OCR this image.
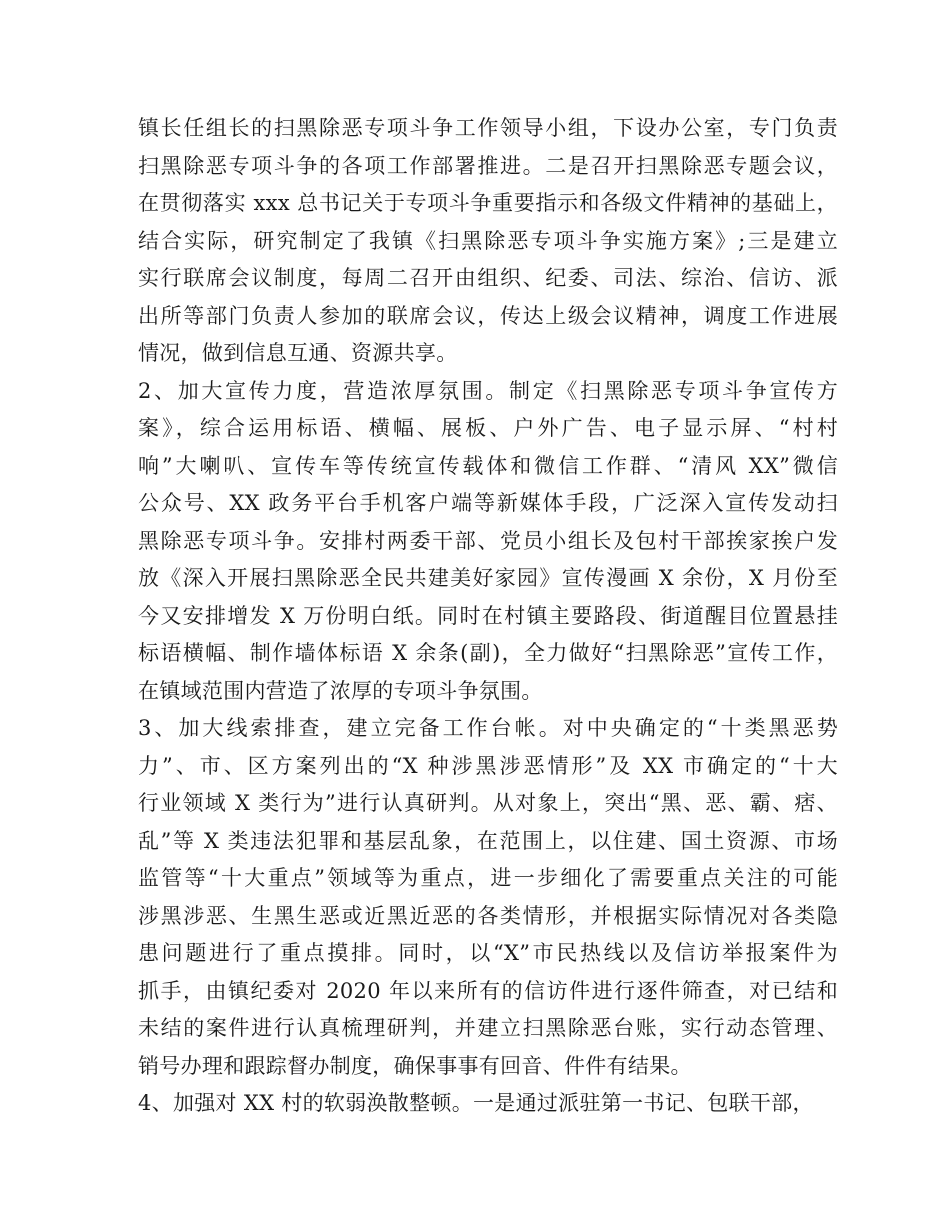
镇长任组长的扫黑除恶专项斗争工作领导小组，下设办公室，专门负责
扫黑除恶专项斗争的各项工作部署推进。二是召开扫黑除恶专题会议，
在贯彻落实 xxx 总书记关于专项斗争重要指示和各级文件精神的基础上，
结合实际，研究制定了我镇《扫黑除恶专项斗争实施方案》;三是建立
实行联席会议制度，每周二召开由组织、纪委、司法、综治、信访、派
出所等部门负责人参加的联席会议，传达上级会议精神，调度工作进展
情况，做到信息互通、资源共享。
2、加大宣传力度，营造浓厚氛围。制定《扫黑除恶专项斗争宣传方
案》，综合运用标语、横幅、展板、户外广告、电子显示屏、“村村
响”大喇叭、宣传车等传统宣传载体和微信工作群、“清风 XX”微信
公众号、XX 政务平台手机客户端等新媒体手段，广泛深入宣传发动扫
黑除恶专项斗争。安排村两委干部、党员小组长及包村干部挨家挨户发
放《深入开展扫黑除恶全民共建美好家园》宣传漫画 X 余份，X 月份至
今又安排增发 X 万份明白纸。同时在村镇主要路段、街道醒目位置悬挂
标语横幅、制作墙体标语 X 余条(副)，全力做好“扫黑除恶”宣传工作，
在镇域范围内营造了浓厚的专项斗争氛围。
3、加大线索排查，建立完备工作台帐。对中央确定的“十类黑恶势
力”、市、区方案列出的“X 种涉黑涉恶情形”及 XX 市确定的“十大
行业领域 X 类行为”进行认真研判。从对象上，突出“黑、恶、霸、痞、
乱”等 X 类违法犯罪和基层乱象，在范围上，以住建、国土资源、市场
监管等“十大重点”领域等为重点，进一步细化了需要重点关注的可能
涉黑涉恶、生黑生恶或近黑近恶的各类情形，并根据实际情况对各类隐
患问题进行了重点摸排。同时，以“X”市民热线以及信访举报案件为
抓手，由镇纪委对 2020 年以来所有的信访件进行逐件筛查，对已结和
未结的案件进行认真梳理研判，并建立扫黑除恶台账，实行动态管理、
销号办理和跟踪督办制度，确保事事有回音、件件有结果。
4、加强对 XX 村的软弱涣散整顿。一是通过派驻第一书记、包联干部，
